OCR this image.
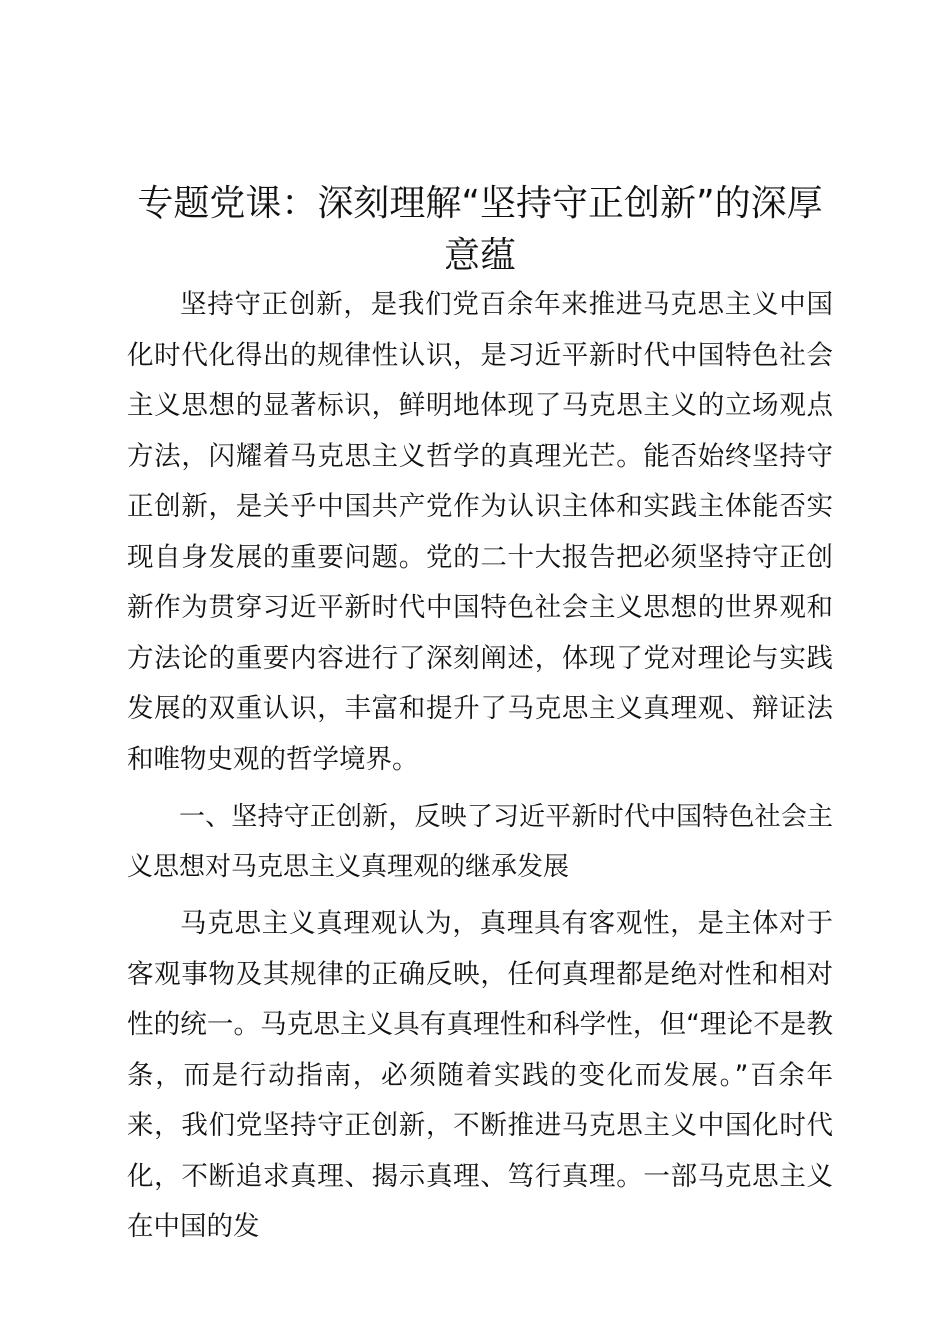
专题党课：深刻理解“坚持守正创新”的深厚意蕴

坚持守正创新，是我们党百余年来推进马克思主义中国化时代化得出的规律性认识，是习近平新时代中国特色社会主义思想的显著标识，鲜明地体现了马克思主义的立场观点方法，闪耀着马克思主义哲学的真理光芒。能否始终坚持守正创新，是关乎中国共产党作为认识主体和实践主体能否实现自身发展的重要问题。党的二十大报告把必须坚持守正创新作为贯穿习近平新时代中国特色社会主义思想的世界观和方法论的重要内容进行了深刻阐述，体现了党对理论与实践发展的双重认识，丰富和提升了马克思主义真理观、辩证法和唯物史观的哲学境界。

一、坚持守正创新，反映了习近平新时代中国特色社会主义思想对马克思主义真理观的继承发展

马克思主义真理观认为，真理具有客观性，是主体对于客观事物及其规律的正确反映，任何真理都是绝对性和相对性的统一。马克思主义具有真理性和科学性，但“理论不是教条，而是行动指南，必须随着实践的变化而发展。”百余年来，我们党坚持守正创新，不断推进马克思主义中国化时代化，不断追求真理、揭示真理、笃行真理。一部马克思主义在中国的发
